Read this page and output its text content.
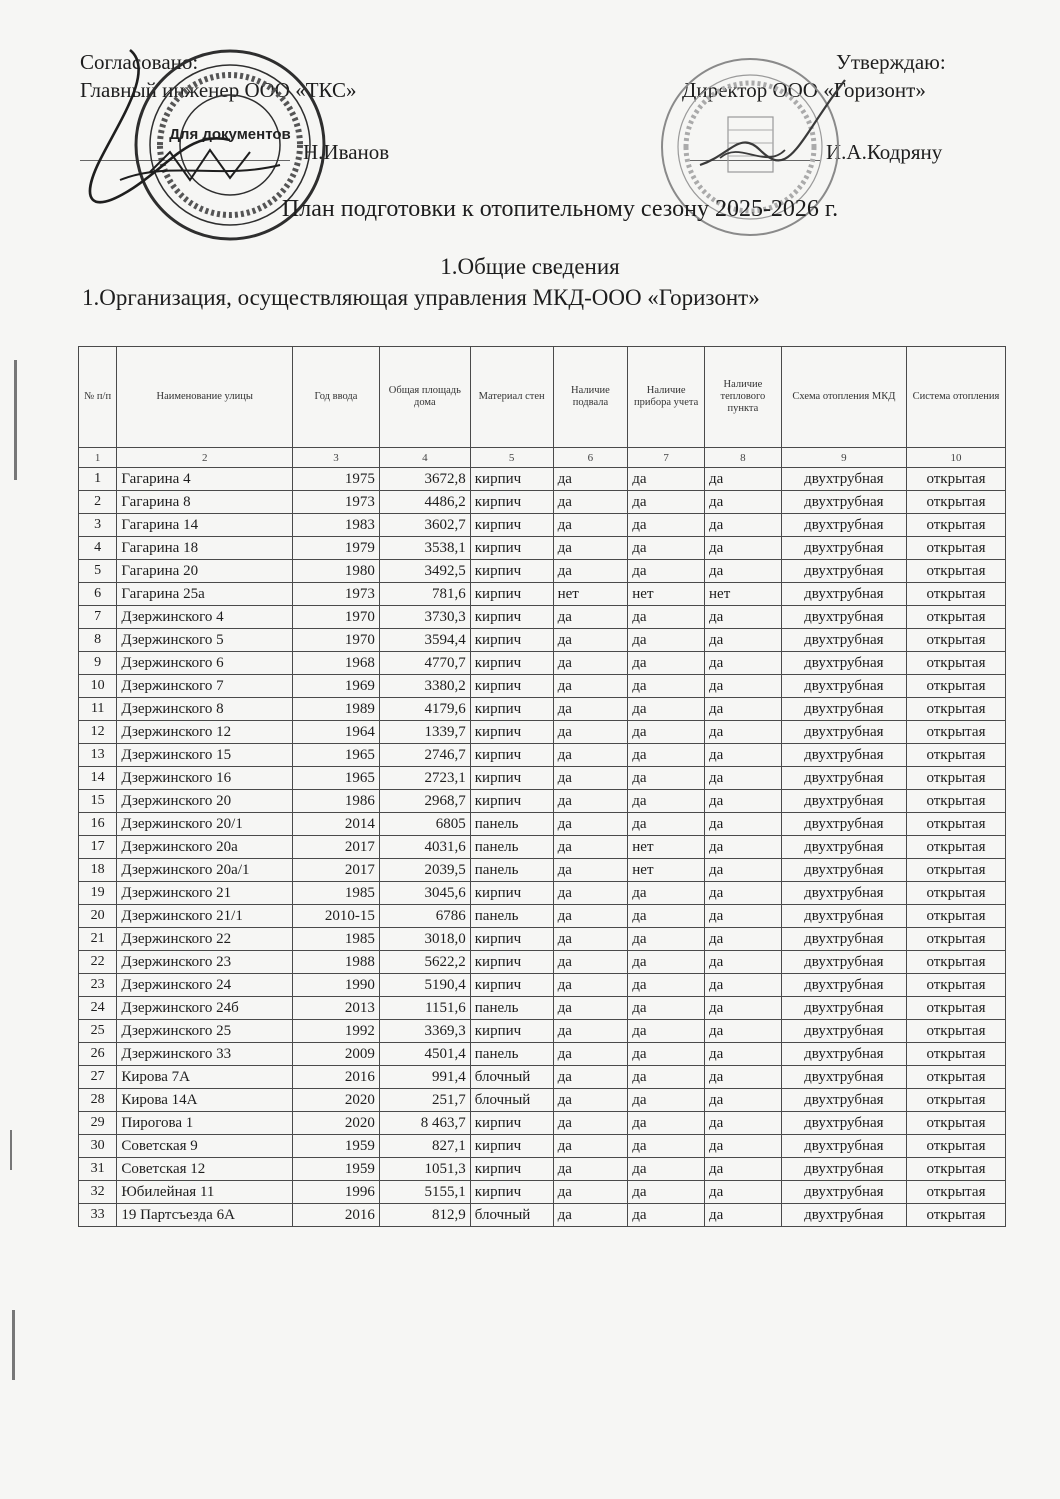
Согласовано:
Главный инженер ООО «ТКС»
Н.Иванов
Утверждаю:
Директор ООО «Горизонт»
И.А.Кодряну
Для документов
План подготовки к отопительному сезону 2025-2026 г.
1.Общие сведения
1.Организация, осуществляющая управления МКД-ООО «Горизонт»
№ п/п	Наименование улицы	Год ввода	Общая площадь дома	Материал стен	Наличие подвала	Наличие прибора учета	Наличие теплового пункта	Схема отопления МКД	Система отопления
1	2	3	4	5	6	7	8	9	10
1	Гагарина 4	1975	3672,8	кирпич	да	да	да	двухтрубная	открытая
2	Гагарина 8	1973	4486,2	кирпич	да	да	да	двухтрубная	открытая
3	Гагарина 14	1983	3602,7	кирпич	да	да	да	двухтрубная	открытая
4	Гагарина 18	1979	3538,1	кирпич	да	да	да	двухтрубная	открытая
5	Гагарина 20	1980	3492,5	кирпич	да	да	да	двухтрубная	открытая
6	Гагарина 25а	1973	781,6	кирпич	нет	нет	нет	двухтрубная	открытая
7	Дзержинского 4	1970	3730,3	кирпич	да	да	да	двухтрубная	открытая
8	Дзержинского 5	1970	3594,4	кирпич	да	да	да	двухтрубная	открытая
9	Дзержинского 6	1968	4770,7	кирпич	да	да	да	двухтрубная	открытая
10	Дзержинского 7	1969	3380,2	кирпич	да	да	да	двухтрубная	открытая
11	Дзержинского 8	1989	4179,6	кирпич	да	да	да	двухтрубная	открытая
12	Дзержинского 12	1964	1339,7	кирпич	да	да	да	двухтрубная	открытая
13	Дзержинского 15	1965	2746,7	кирпич	да	да	да	двухтрубная	открытая
14	Дзержинского 16	1965	2723,1	кирпич	да	да	да	двухтрубная	открытая
15	Дзержинского 20	1986	2968,7	кирпич	да	да	да	двухтрубная	открытая
16	Дзержинского 20/1	2014	6805	панель	да	да	да	двухтрубная	открытая
17	Дзержинского 20а	2017	4031,6	панель	да	нет	да	двухтрубная	открытая
18	Дзержинского 20а/1	2017	2039,5	панель	да	нет	да	двухтрубная	открытая
19	Дзержинского 21	1985	3045,6	кирпич	да	да	да	двухтрубная	открытая
20	Дзержинского 21/1	2010-15	6786	панель	да	да	да	двухтрубная	открытая
21	Дзержинского 22	1985	3018,0	кирпич	да	да	да	двухтрубная	открытая
22	Дзержинского 23	1988	5622,2	кирпич	да	да	да	двухтрубная	открытая
23	Дзержинского 24	1990	5190,4	кирпич	да	да	да	двухтрубная	открытая
24	Дзержинского 24б	2013	1151,6	панель	да	да	да	двухтрубная	открытая
25	Дзержинского 25	1992	3369,3	кирпич	да	да	да	двухтрубная	открытая
26	Дзержинского 33	2009	4501,4	панель	да	да	да	двухтрубная	открытая
27	Кирова 7А	2016	991,4	блочный	да	да	да	двухтрубная	открытая
28	Кирова 14А	2020	251,7	блочный	да	да	да	двухтрубная	открытая
29	Пирогова 1	2020	8 463,7	кирпич	да	да	да	двухтрубная	открытая
30	Советская 9	1959	827,1	кирпич	да	да	да	двухтрубная	открытая
31	Советская 12	1959	1051,3	кирпич	да	да	да	двухтрубная	открытая
32	Юбилейная 11	1996	5155,1	кирпич	да	да	да	двухтрубная	открытая
33	19 Партсъезда 6А	2016	812,9	блочный	да	да	да	двухтрубная	открытая
